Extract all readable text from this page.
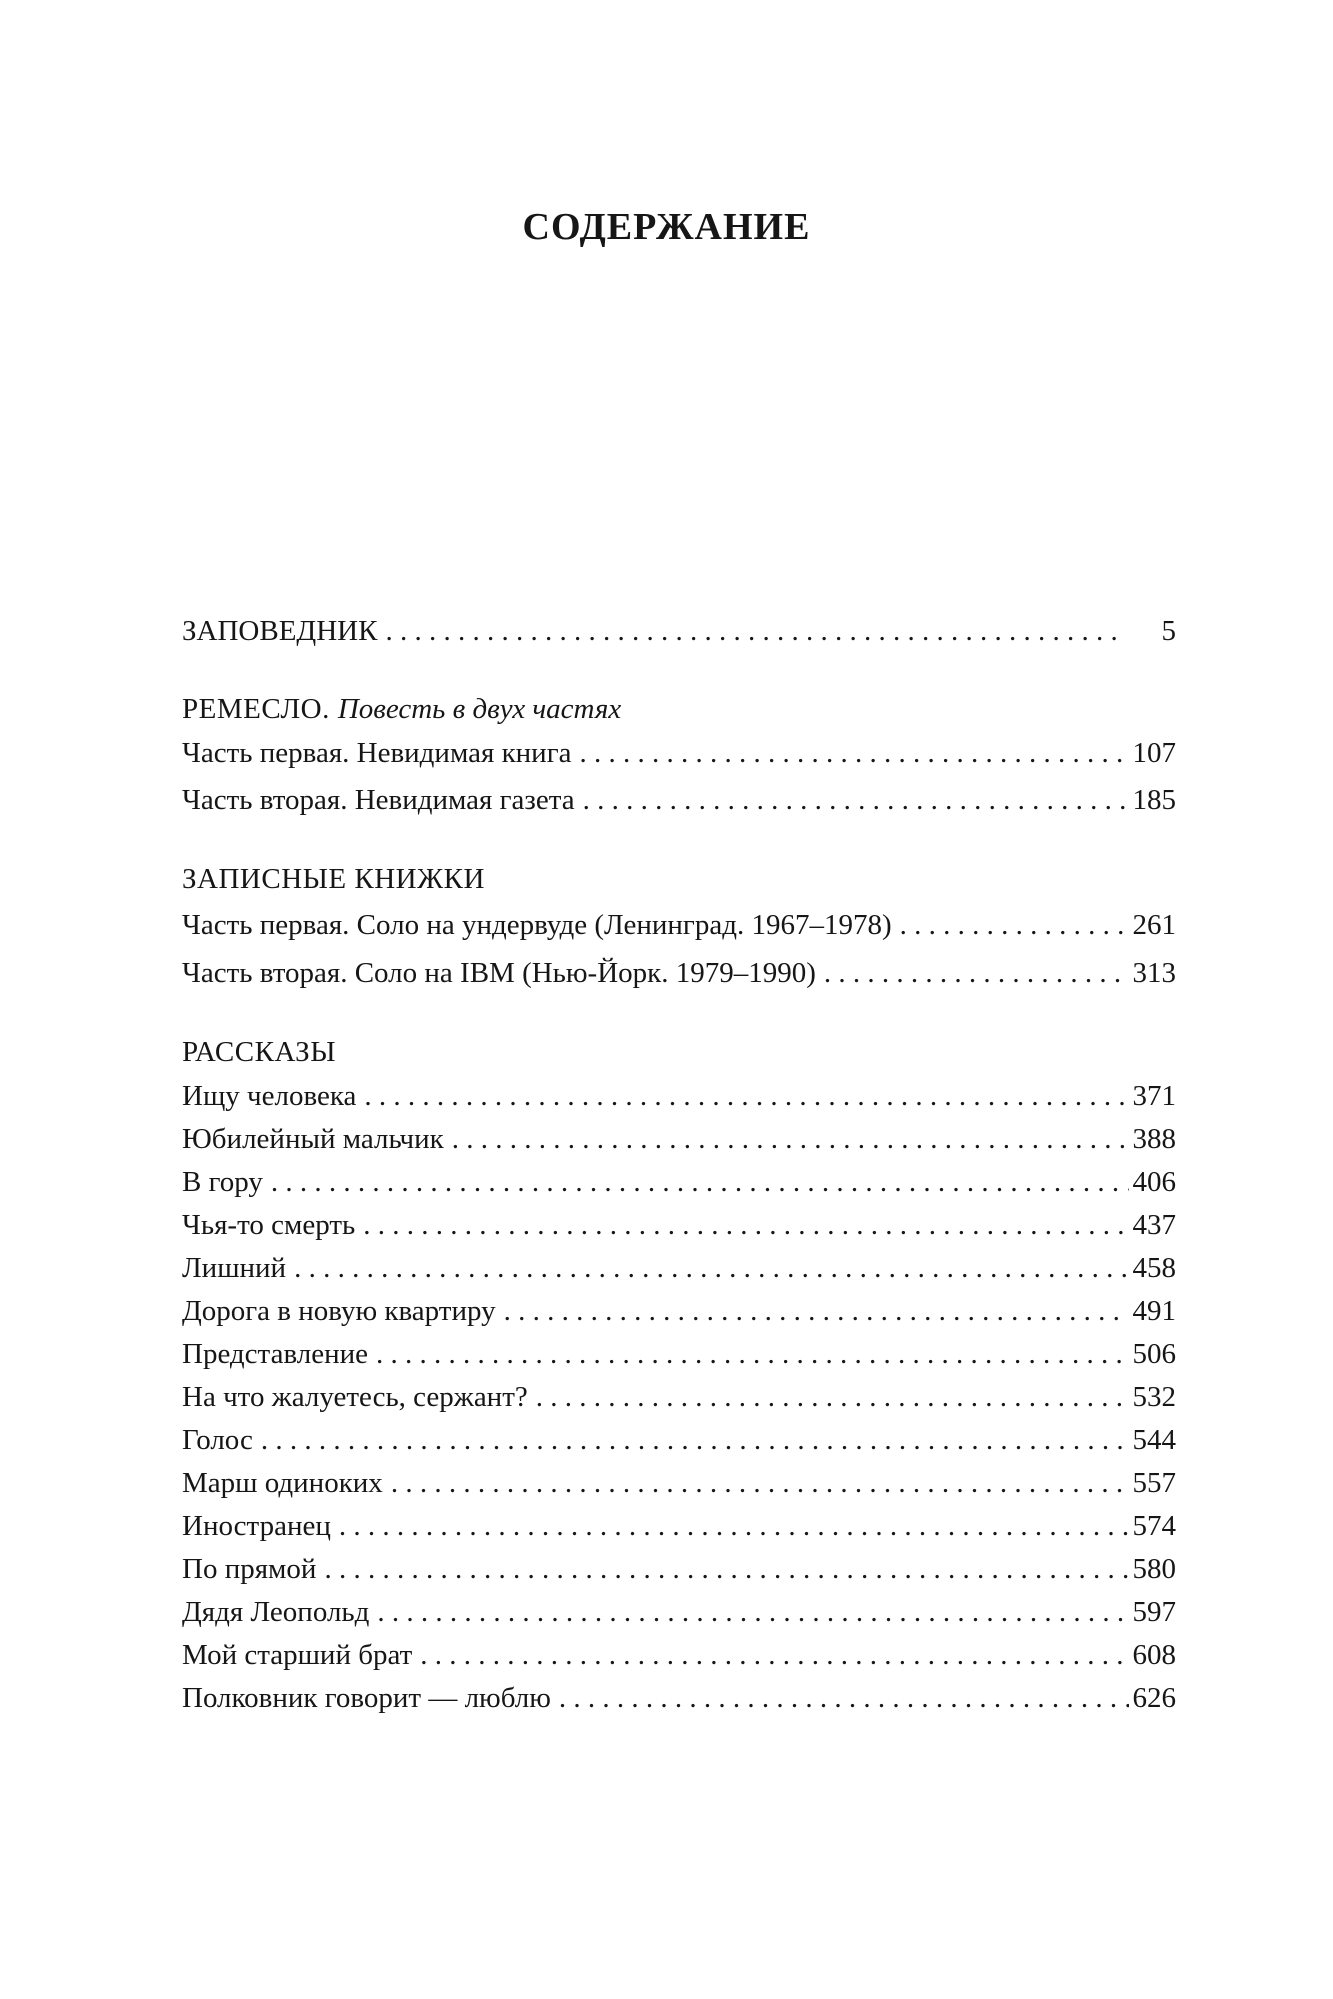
СОДЕРЖАНИЕ
ЗАПОВЕДНИК . . .	5
РЕМЕСЛО. Повесть в двух частях
Часть первая. Невидимая книга . . .	107
Часть вторая. Невидимая газета . . .	185
ЗАПИСНЫЕ КНИЖКИ
Часть первая. Соло на ундервуде (Ленинград. 1967–1978) . . .	261
Часть вторая. Соло на IBM (Нью-Йорк. 1979–1990) . . .	313
РАССКАЗЫ
Ищу человека . . .	371
Юбилейный мальчик . . .	388
В гору . . .	406
Чья-то смерть . . .	437
Лишний . . .	458
Дорога в новую квартиру . . .	491
Представление . . .	506
На что жалуетесь, сержант? . . .	532
Голос . . .	544
Марш одиноких . . .	557
Иностранец . . .	574
По прямой . . .	580
Дядя Леопольд . . .	597
Мой старший брат . . .	608
Полковник говорит — люблю . . .	626
